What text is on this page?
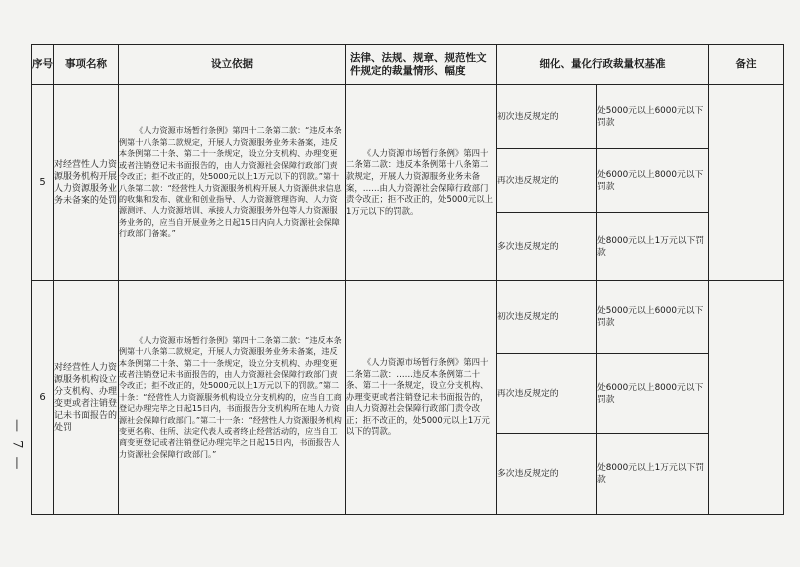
— 7 —
序号	事项名称	设立依据	法律、法规、规章、规范性文件规定的裁量情形、幅度	细化、量化行政裁量权基准		备注
5	对经营性人力资源服务机构开展人力资源服务业务未备案的处罚	《人力资源市场暂行条例》第四十二条第二款：“违反本条例第十八条第二款规定，开展人力资源服务业务未备案，违反本条例第二十条、第二十一条规定，设立分支机构、办理变更或者注销登记未书面报告的，由人力资源社会保障行政部门责令改正；拒不改正的，处5000元以上1万元以下的罚款。”第十八条第二款：“经营性人力资源服务机构开展人力资源供求信息的收集和发布、就业和创业指导、人力资源管理咨询、人力资源测评、人力资源培训、承接人力资源服务外包等人力资源服务业务的，应当自开展业务之日起15日内向人力资源社会保障行政部门备案。”	《人力资源市场暂行条例》第四十二条第二款：违反本条例第十八条第二款规定，开展人力资源服务业务未备案，……由人力资源社会保障行政部门责令改正；拒不改正的，处5000元以上1万元以下的罚款。	初次违反规定的	处5000元以上6000元以下罚款	
				再次违反规定的	处6000元以上8000元以下罚款	
				多次违反规定的	处8000元以上1万元以下罚款	
6	对经营性人力资源服务机构设立分支机构、办理变更或者注销登记未书面报告的处罚	《人力资源市场暂行条例》第四十二条第二款：“违反本条例第十八条第二款规定，开展人力资源服务业务未备案，违反本条例第二十条、第二十一条规定，设立分支机构、办理变更或者注销登记未书面报告的，由人力资源社会保障行政部门责令改正；拒不改正的，处5000元以上1万元以下的罚款。”第二十条：“经营性人力资源服务机构设立分支机构的，应当自工商登记办理完毕之日起15日内，书面报告分支机构所在地人力资源社会保障行政部门。”第二十一条：“经营性人力资源服务机构变更名称、住所、法定代表人或者终止经营活动的，应当自工商变更登记或者注销登记办理完毕之日起15日内，书面报告人力资源社会保障行政部门。”	《人力资源市场暂行条例》第四十二条第二款：……违反本条例第二十条、第二十一条规定，设立分支机构、办理变更或者注销登记未书面报告的，由人力资源社会保障行政部门责令改正；拒不改正的，处5000元以上1万元以下的罚款。	初次违反规定的	处5000元以上6000元以下罚款	
				再次违反规定的	处6000元以上8000元以下罚款	
				多次违反规定的	处8000元以上1万元以下罚款	
